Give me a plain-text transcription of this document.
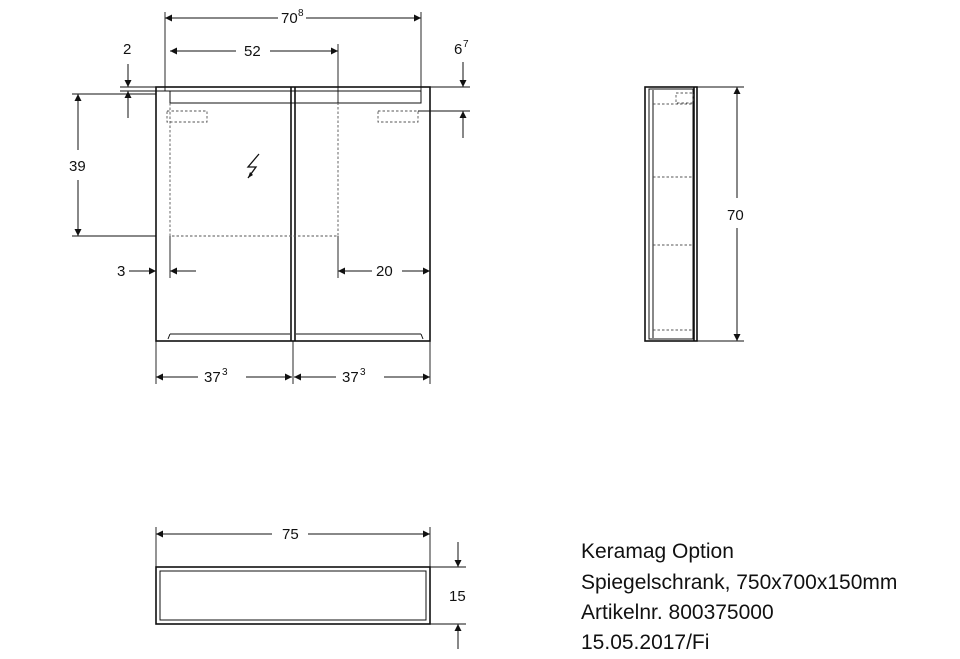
70 8
52
2	6 7
39
3	20
37 3	37 3
70
75
15
Keramag Option
Spiegelschrank, 750x700x150mm
Artikelnr. 800375000
15.05.2017/Fi
